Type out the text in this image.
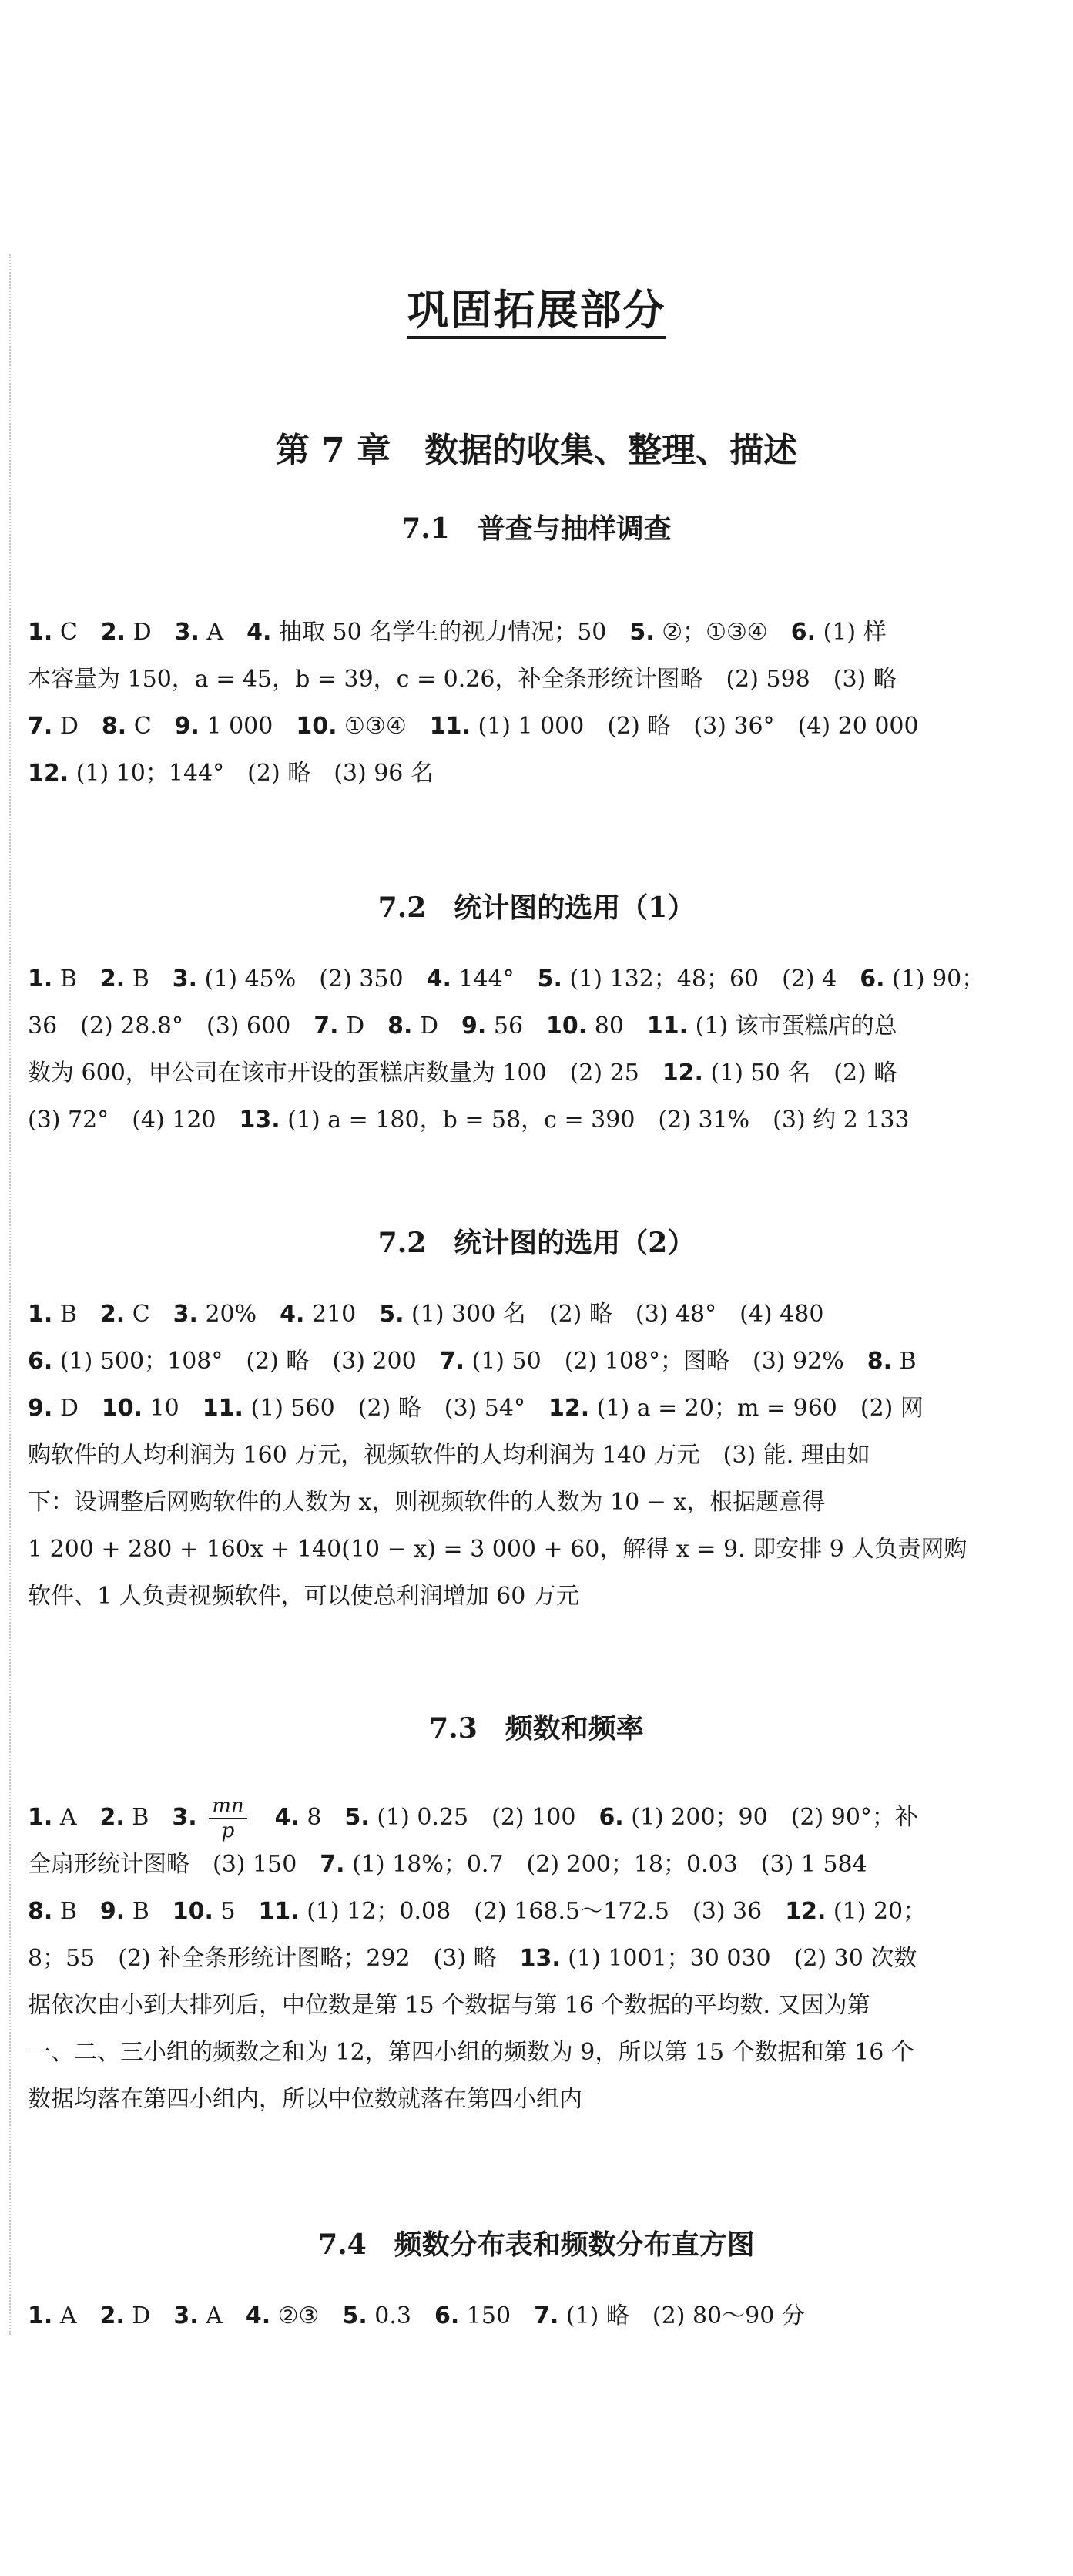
巩固拓展部分
第 7 章　数据的收集、整理、描述
7.1　普查与抽样调查
1. C　2. D　3. A　4. 抽取 50 名学生的视力情况；50　5. ②；①③④　6. (1) 样
本容量为 150，a = 45，b = 39，c = 0.26，补全条形统计图略　(2) 598　(3) 略
7. D　8. C　9. 1 000　10. ①③④　11. (1) 1 000　(2) 略　(3) 36°　(4) 20 000
12. (1) 10；144°　(2) 略　(3) 96 名
7.2　统计图的选用（1）
1. B　2. B　3. (1) 45%　(2) 350　4. 144°　5. (1) 132；48；60　(2) 4　6. (1) 90；
36　(2) 28.8°　(3) 600　7. D　8. D　9. 56　10. 80　11. (1) 该市蛋糕店的总
数为 600，甲公司在该市开设的蛋糕店数量为 100　(2) 25　12. (1) 50 名　(2) 略
(3) 72°　(4) 120　13. (1) a = 180，b = 58，c = 390　(2) 31%　(3) 约 2 133
7.2　统计图的选用（2）
1. B　2. C　3. 20%　4. 210　5. (1) 300 名　(2) 略　(3) 48°　(4) 480
6. (1) 500；108°　(2) 略　(3) 200　7. (1) 50　(2) 108°；图略　(3) 92%　8. B
9. D　10. 10　11. (1) 560　(2) 略　(3) 54°　12. (1) a = 20；m = 960　(2) 网
购软件的人均利润为 160 万元，视频软件的人均利润为 140 万元　(3) 能. 理由如
下：设调整后网购软件的人数为 x，则视频软件的人数为 10 − x，根据题意得
1 200 + 280 + 160x + 140(10 − x) = 3 000 + 60，解得 x = 9. 即安排 9 人负责网购
软件、1 人负责视频软件，可以使总利润增加 60 万元
7.3　频数和频率
1. A　2. B　3. $\frac{mn}{p}$
　 4. 8　5. (1) 0.25　(2) 100　6. (1) 200；90　(2) 90°；补
全扇形统计图略　(3) 150　7. (1) 18%；0.7　(2) 200；18；0.03　(3) 1 584
8. B　9. B　10. 5　11. (1) 12；0.08　(2) 168.5～172.5　(3) 36　12. (1) 20；
8；55　(2) 补全条形统计图略；292　(3) 略　13. (1) 1001；30 030　(2) 30 次数
据依次由小到大排列后，中位数是第 15 个数据与第 16 个数据的平均数. 又因为第
一、二、三小组的频数之和为 12，第四小组的频数为 9，所以第 15 个数据和第 16 个
数据均落在第四小组内，所以中位数就落在第四小组内
7.4　频数分布表和频数分布直方图
1. A　2. D　3. A　4. ②③　5. 0.3　6. 150　7. (1) 略　(2) 80～90 分
